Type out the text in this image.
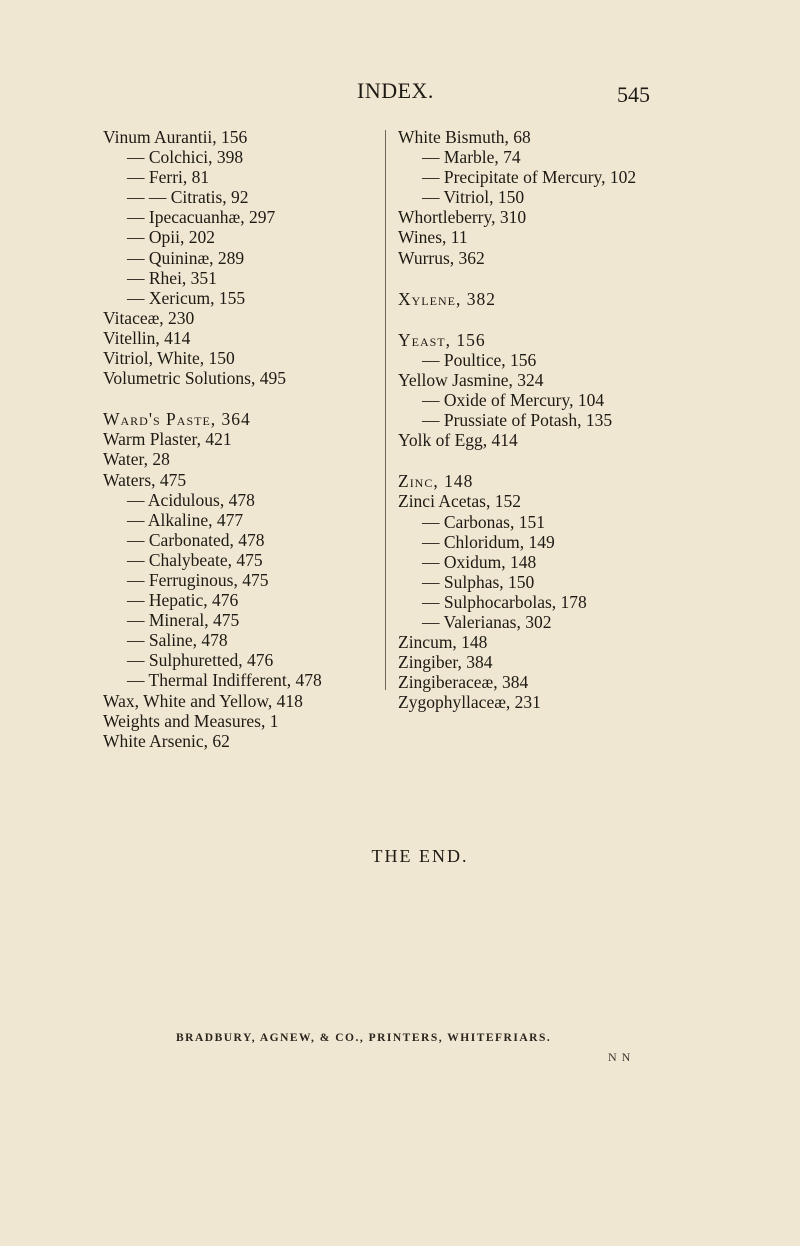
INDEX.	545
Vinum Aurantii, 156
— Colchici, 398
— Ferri, 81
— — Citratis, 92
— Ipecacuanhæ, 297
— Opii, 202
— Quininæ, 289
— Rhei, 351
— Xericum, 155
Vitaceæ, 230
Vitellin, 414
Vitriol, White, 150
Volumetric Solutions, 495
Ward's Paste, 364
Warm Plaster, 421
Water, 28
Waters, 475
— Acidulous, 478
— Alkaline, 477
— Carbonated, 478
— Chalybeate, 475
— Ferruginous, 475
— Hepatic, 476
— Mineral, 475
— Saline, 478
— Sulphuretted, 476
— Thermal Indifferent, 478
Wax, White and Yellow, 418
Weights and Measures, 1
White Arsenic, 62
White Bismuth, 68
— Marble, 74
— Precipitate of Mercury, 102
— Vitriol, 150
Whortleberry, 310
Wines, 11
Wurrus, 362
Xylene, 382
Yeast, 156
— Poultice, 156
Yellow Jasmine, 324
— Oxide of Mercury, 104
— Prussiate of Potash, 135
Yolk of Egg, 414
Zinc, 148
Zinci Acetas, 152
— Carbonas, 151
— Chloridum, 149
— Oxidum, 148
— Sulphas, 150
— Sulphocarbolas, 178
— Valerianas, 302
Zincum, 148
Zingiber, 384
Zingiberaceæ, 384
Zygophyllaceæ, 231
THE END.
BRADBURY, AGNEW, & CO., PRINTERS, WHITEFRIARS.
N N
